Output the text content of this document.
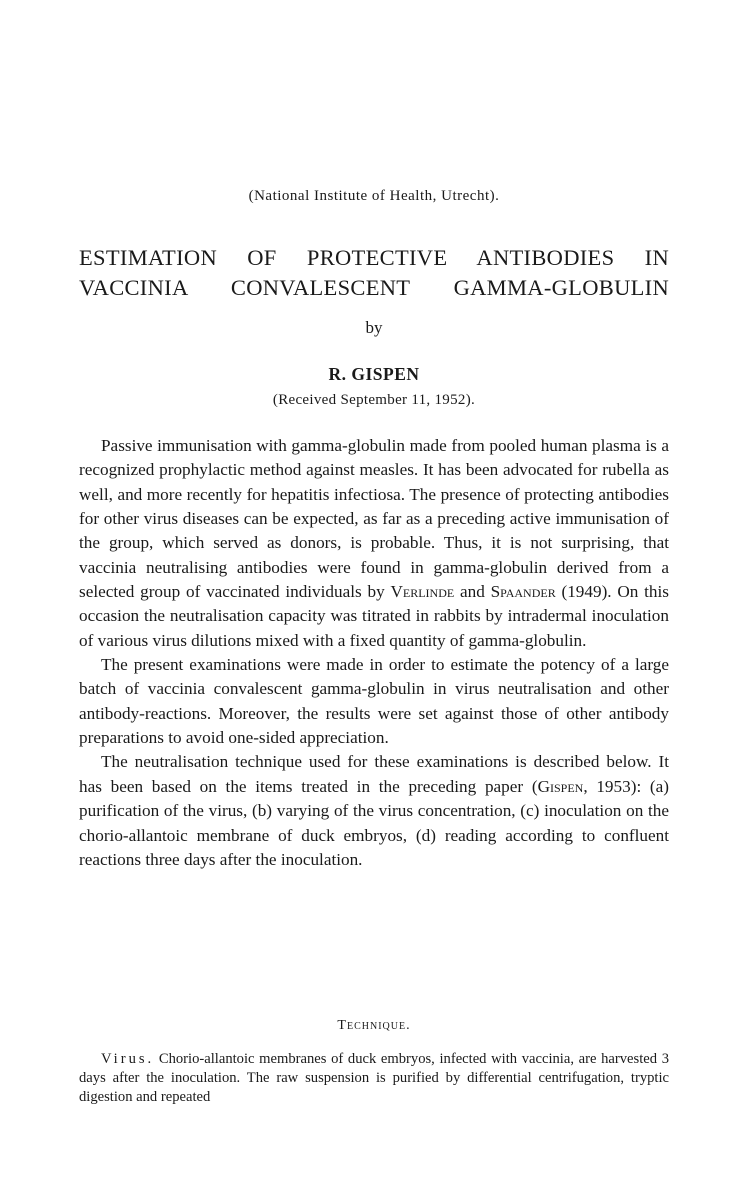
(National Institute of Health, Utrecht).
ESTIMATION OF PROTECTIVE ANTIBODIES IN
VACCINIA CONVALESCENT GAMMA-GLOBULIN
by
R. GISPEN
(Received September 11, 1952).

Passive immunisation with gamma-globulin made from pooled human plasma is a recognized prophylactic method against measles. It has been advocated for rubella as well, and more recently for hepatitis infectiosa. The presence of protecting antibodies for other virus diseases can be expected, as far as a preceding active immunisation of the group, which served as donors, is probable. Thus, it is not surprising, that vaccinia neutralising antibodies were found in gamma-globulin derived from a selected group of vaccinated individuals by Verlinde and Spaander (1949). On this occasion the neutralisation capacity was titrated in rabbits by intradermal inoculation of various virus dilutions mixed with a fixed quantity of gamma-globulin.

The present examinations were made in order to estimate the potency of a large batch of vaccinia convalescent gamma-globulin in virus neutralisation and other antibody-reactions. Moreover, the results were set against those of other antibody preparations to avoid one-sided appreciation.

The neutralisation technique used for these examinations is described below. It has been based on the items treated in the preceding paper (Gispen, 1953): (a) purification of the virus, (b) varying of the virus concentration, (c) inoculation on the chorio-allantoic membrane of duck embryos, (d) reading according to confluent reactions three days after the inoculation.

Technique.

Virus. Chorio-allantoic membranes of duck embryos, infected with vaccinia, are harvested 3 days after the inoculation. The raw suspension is purified by differential centrifugation, tryptic digestion and repeated
